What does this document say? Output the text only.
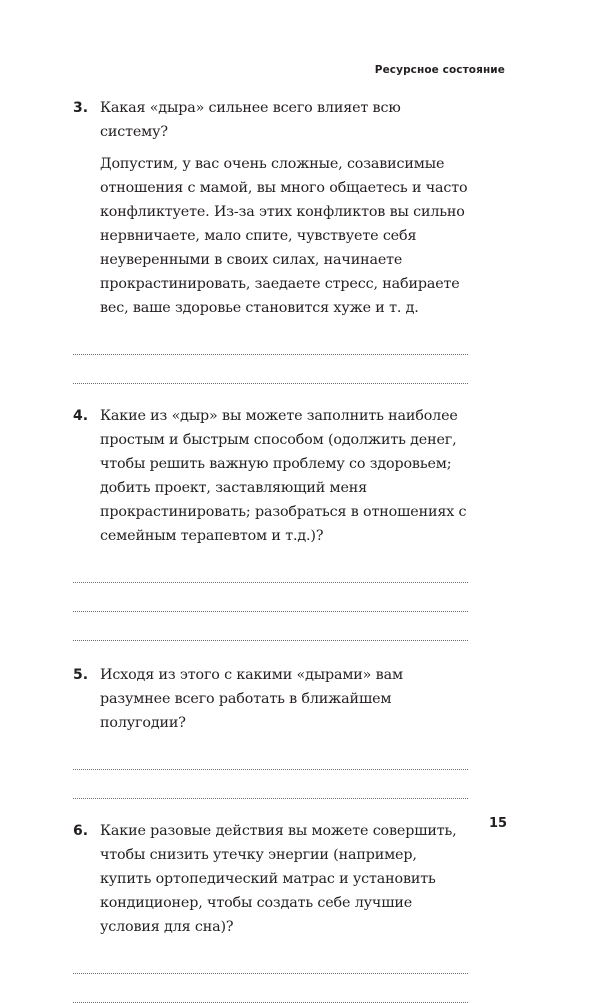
Ресурсное состояние
3. Какая «дыра» сильнее всего влияет всю систему?
Допустим, у вас очень сложные, созависимые отношения с мамой, вы много общаетесь и часто конфликтуете. Из-за этих конфликтов вы сильно нервничаете, мало спите, чувствуете себя неуверенными в своих силах, начинаете прокрастинировать, заедаете стресс, набираете вес, ваше здоровье становится хуже и т. д.
4. Какие из «дыр» вы можете заполнить наиболее простым и быстрым способом (одолжить денег, чтобы решить важную проблему со здоровьем; добить проект, заставляющий меня прокрастинировать; разобраться в отношениях с семейным терапевтом и т.д.)?
5. Исходя из этого с какими «дырами» вам разумнее всего работать в ближайшем полугодии?
6. Какие разовые действия вы можете совершить, чтобы снизить утечку энергии (например, купить ортопедический матрас и установить кондиционер, чтобы создать себе лучшие условия для сна)?
15
